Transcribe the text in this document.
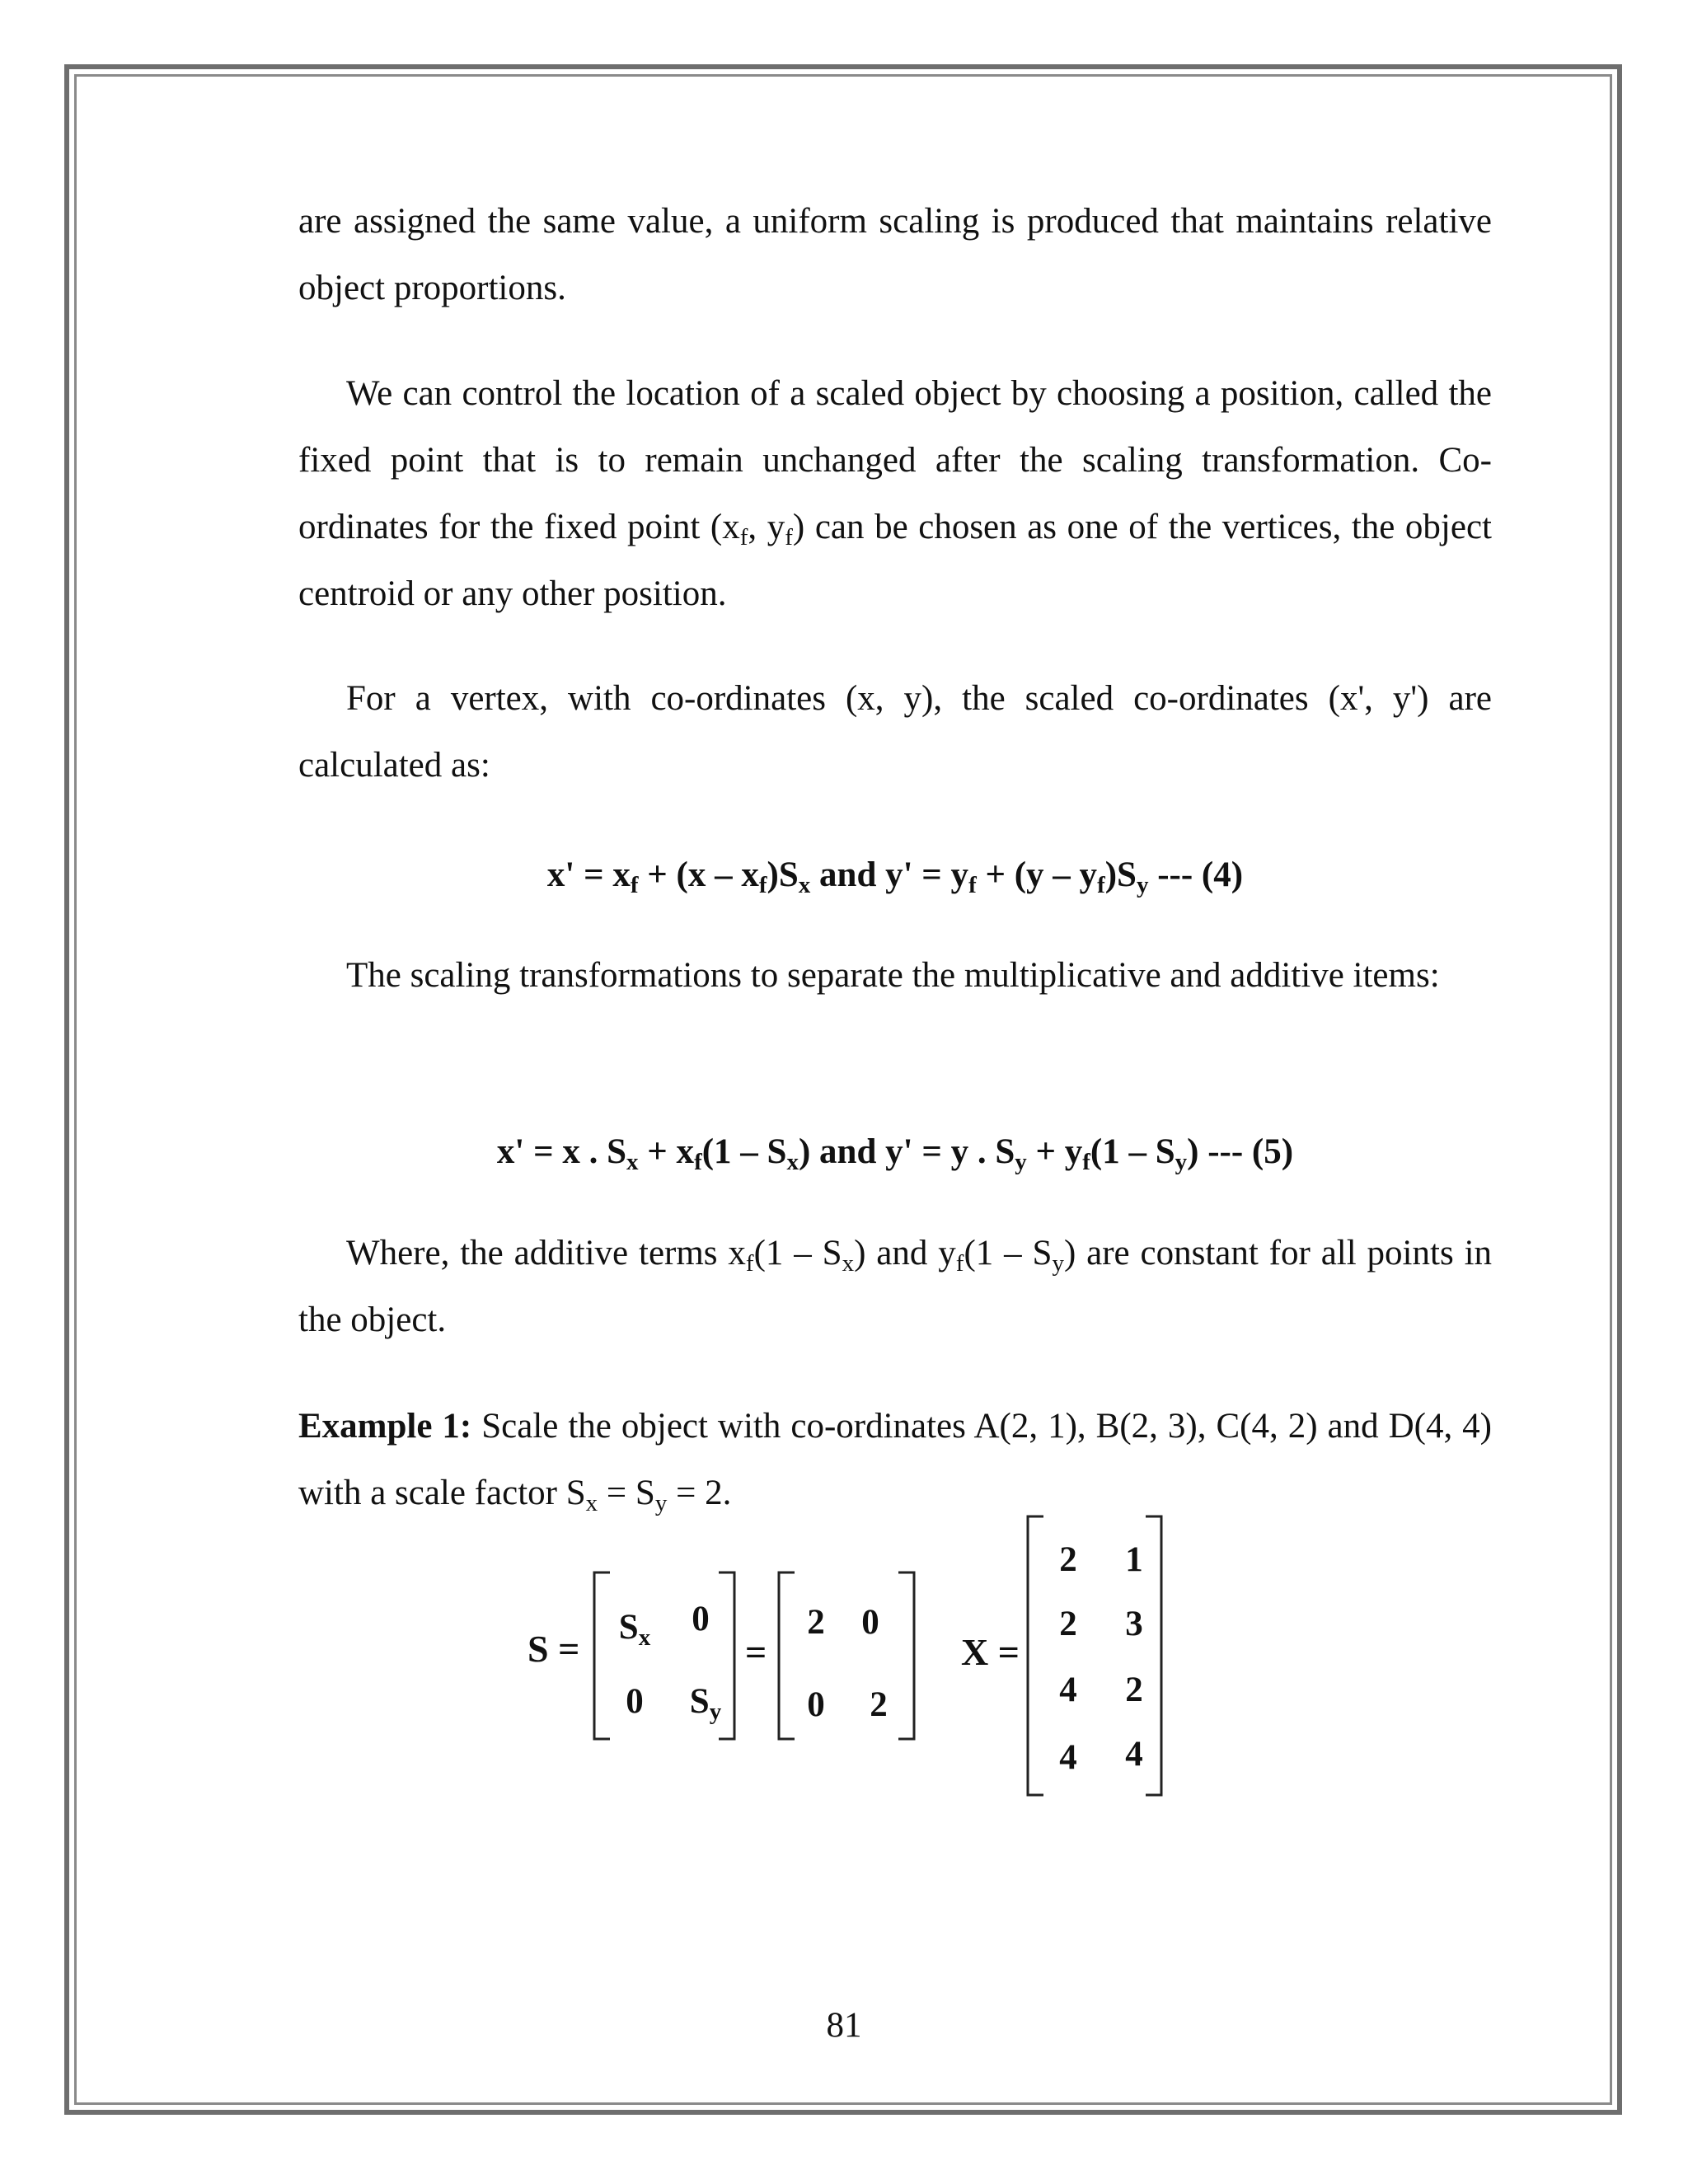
are assigned the same value, a uniform scaling is produced that maintains relative object proportions.

We can control the location of a scaled object by choosing a position, called the fixed point that is to remain unchanged after the scaling transformation. Co-ordinates for the fixed point ($x_f$, $y_f$) can be chosen as one of the vertices, the object centroid or any other position.

For a vertex, with co-ordinates (x, y), the scaled co-ordinates (x', y') are calculated as:

$x' = x_f + (x - x_f)S_x$ and $y' = y_f + (y - y_f)S_y$ --- (4)

The scaling transformations to separate the multiplicative and additive items:

x' = x . $S_x + x_f(1 - S_x)$ and y' = y . $S_y + y_f(1 - S_y)$ --- (5)

Where, the additive terms $x_f(1 - S_x)$ and $y_f(1 - S_y)$ are constant for all points in the object.

Example 1: Scale the object with co-ordinates A(2, 1), B(2, 3), C(4, 2) and D(4, 4) with a scale factor $S_x = S_y = 2$.

S =
$S_x$	0
0	$S_y$
=
2	0
0	2
X =
2	1
2	3
4	2
4	4
81
